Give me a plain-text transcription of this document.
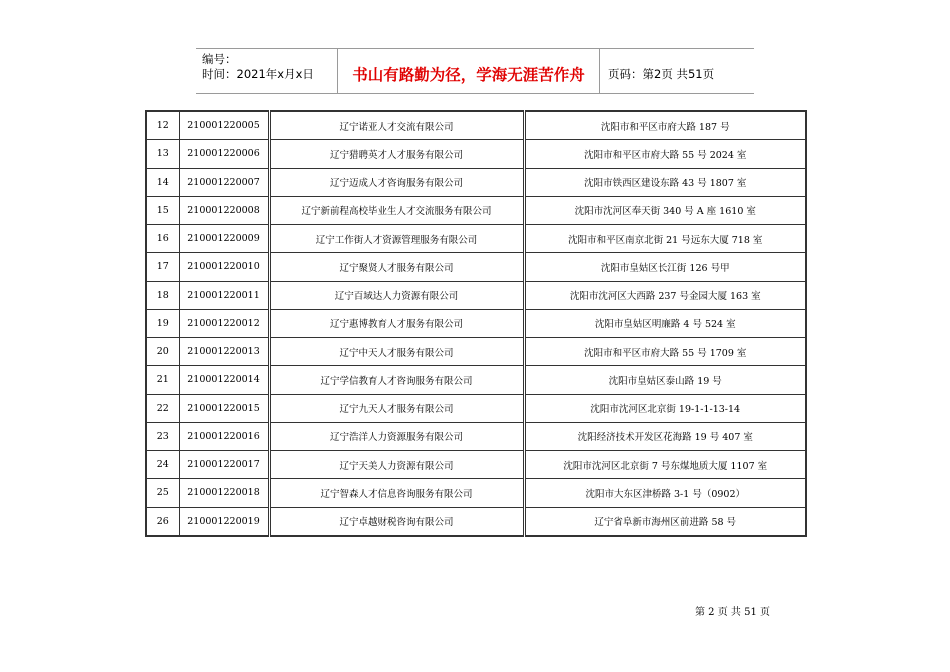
编号：
时间：2021年x月x日	书山有路勤为径，学海无涯苦作舟	页码：第2页 共51页
12	210001220005	辽宁诺亚人才交流有限公司	沈阳市和平区市府大路 187 号
13	210001220006	辽宁猎聘英才人才服务有限公司	沈阳市和平区市府大路 55 号 2024 室
14	210001220007	辽宁迈成人才咨询服务有限公司	沈阳市铁西区建设东路 43 号 1807 室
15	210001220008	辽宁新前程高校毕业生人才交流服务有限公司	沈阳市沈河区奉天街 340 号 A 座 1610 室
16	210001220009	辽宁工作街人才资源管理服务有限公司	沈阳市和平区南京北街 21 号远东大厦 718 室
17	210001220010	辽宁聚贤人才服务有限公司	沈阳市皇姑区长江街 126 号甲
18	210001220011	辽宁百域达人力资源有限公司	沈阳市沈河区大西路 237 号金园大厦 163 室
19	210001220012	辽宁惠博教育人才服务有限公司	沈阳市皇姑区明廉路 4 号 524 室
20	210001220013	辽宁中天人才服务有限公司	沈阳市和平区市府大路 55 号 1709 室
21	210001220014	辽宁学信教育人才咨询服务有限公司	沈阳市皇姑区泰山路 19 号
22	210001220015	辽宁九天人才服务有限公司	沈阳市沈河区北京街 19-1-1-13-14
23	210001220016	辽宁浩洋人力资源服务有限公司	沈阳经济技术开发区花海路 19 号 407 室
24	210001220017	辽宁天美人力资源有限公司	沈阳市沈河区北京街 7 号东煤地质大厦 1107 室
25	210001220018	辽宁智森人才信息咨询服务有限公司	沈阳市大东区津桥路 3-1 号（0902）
26	210001220019	辽宁卓越财税咨询有限公司	辽宁省阜新市海州区前进路 58 号
第 2 页 共 51 页
